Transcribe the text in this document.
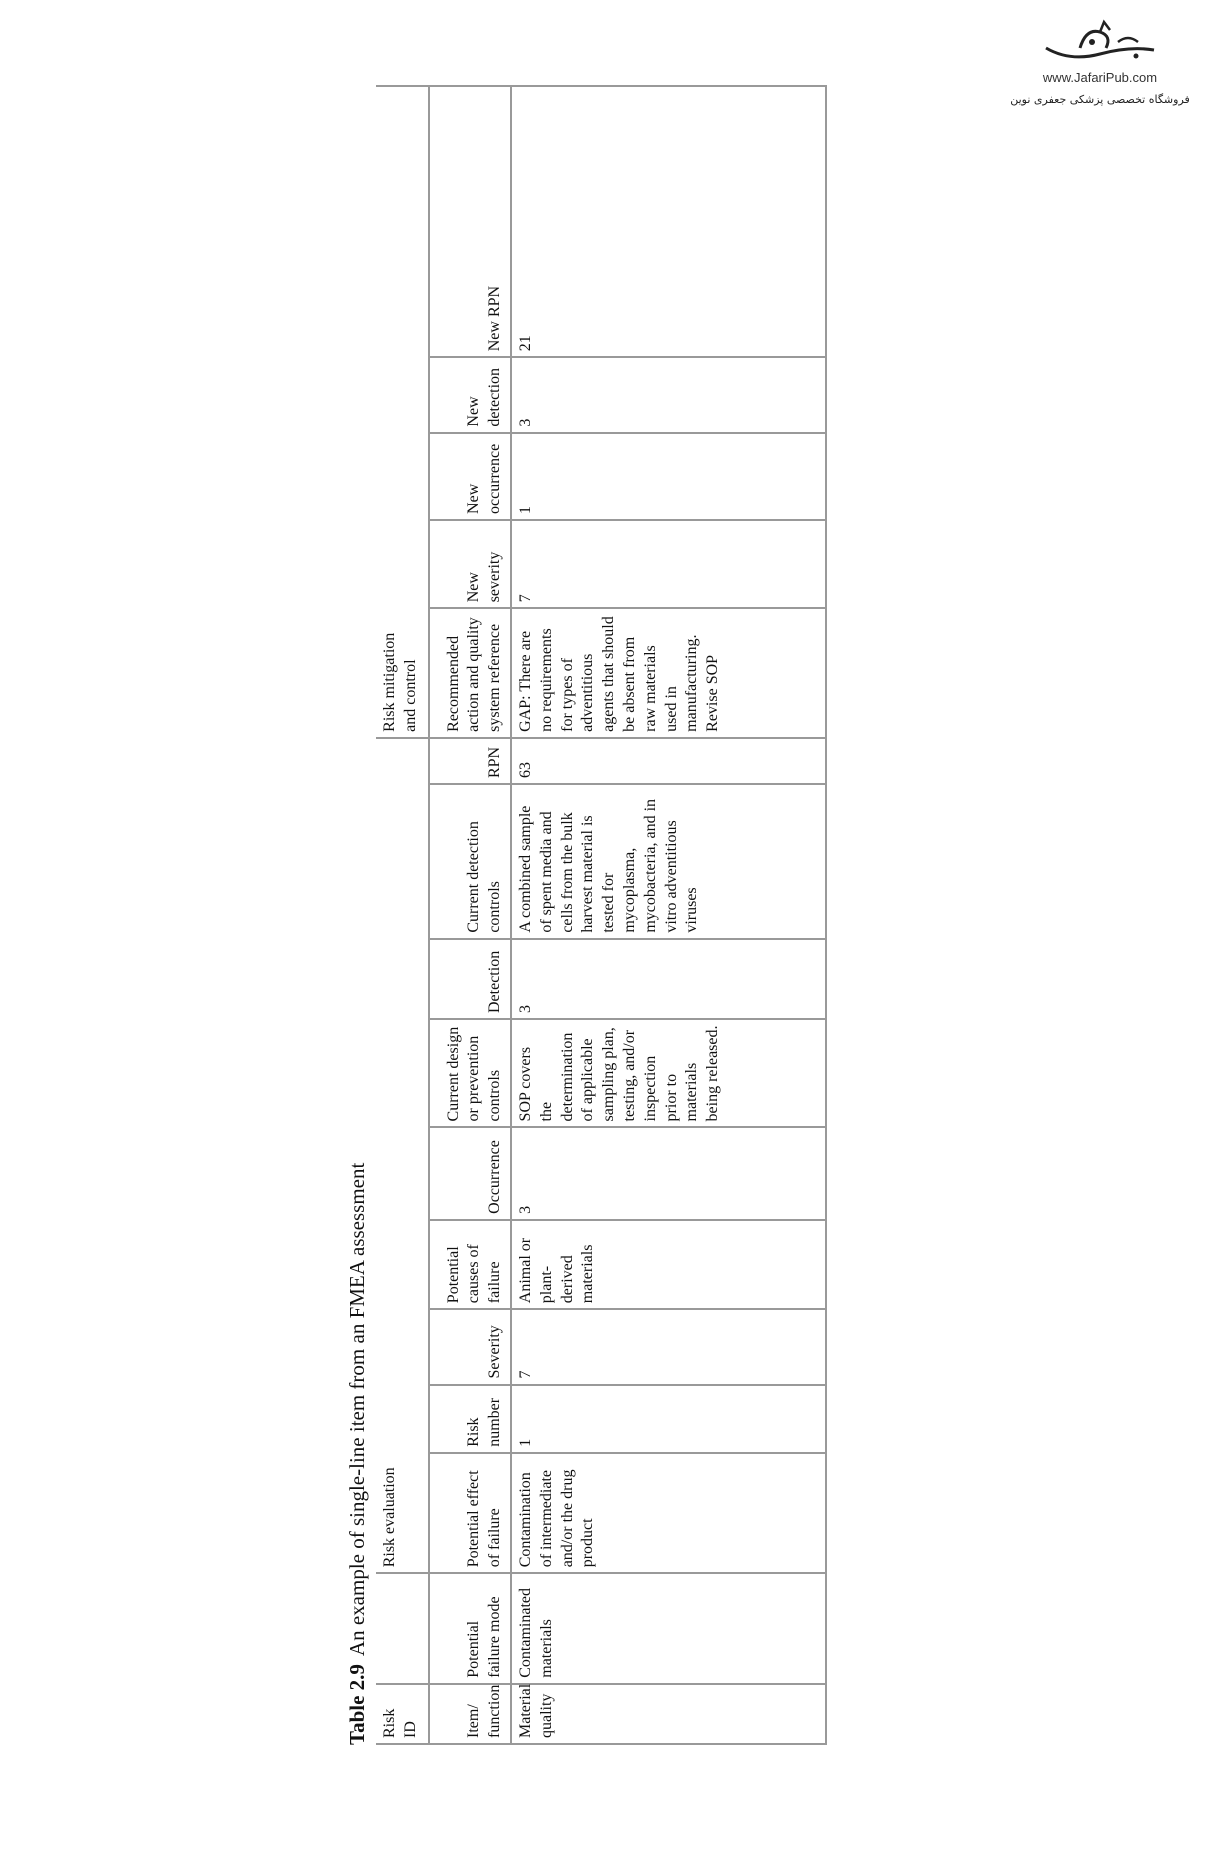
www.JafariPub.com
فروشگاه تخصصی پزشکی جعفری نوین
Table 2.9An example of single-line item from an FMEA assessment
Risk ID		Risk evaluation									Risk mitigation and control				
Item/ function	Potential failure mode	Potential effect of failure	Risk number	Severity	Potential causes of failure	Occurrence	Current design or prevention controls	Detection	Current detection controls	RPN	Recommended action and quality system reference	New severity	New occurrence	New detection	New RPN
Material quality	Contaminated materials	Contamination of intermediate and/or the drug product	1	7	Animal or plant-derived materials	3	SOP covers the determination of applicable sampling plan, testing, and/or inspection prior to materials being released.	3	A combined sample of spent media and cells from the bulk harvest material is tested for mycoplasma, mycobacteria, and in vitro adventitious viruses	63	GAP: There are no requirements for types of adventitious agents that should be absent from raw materials used in manufacturing. Revise SOP	7	1	3	21
